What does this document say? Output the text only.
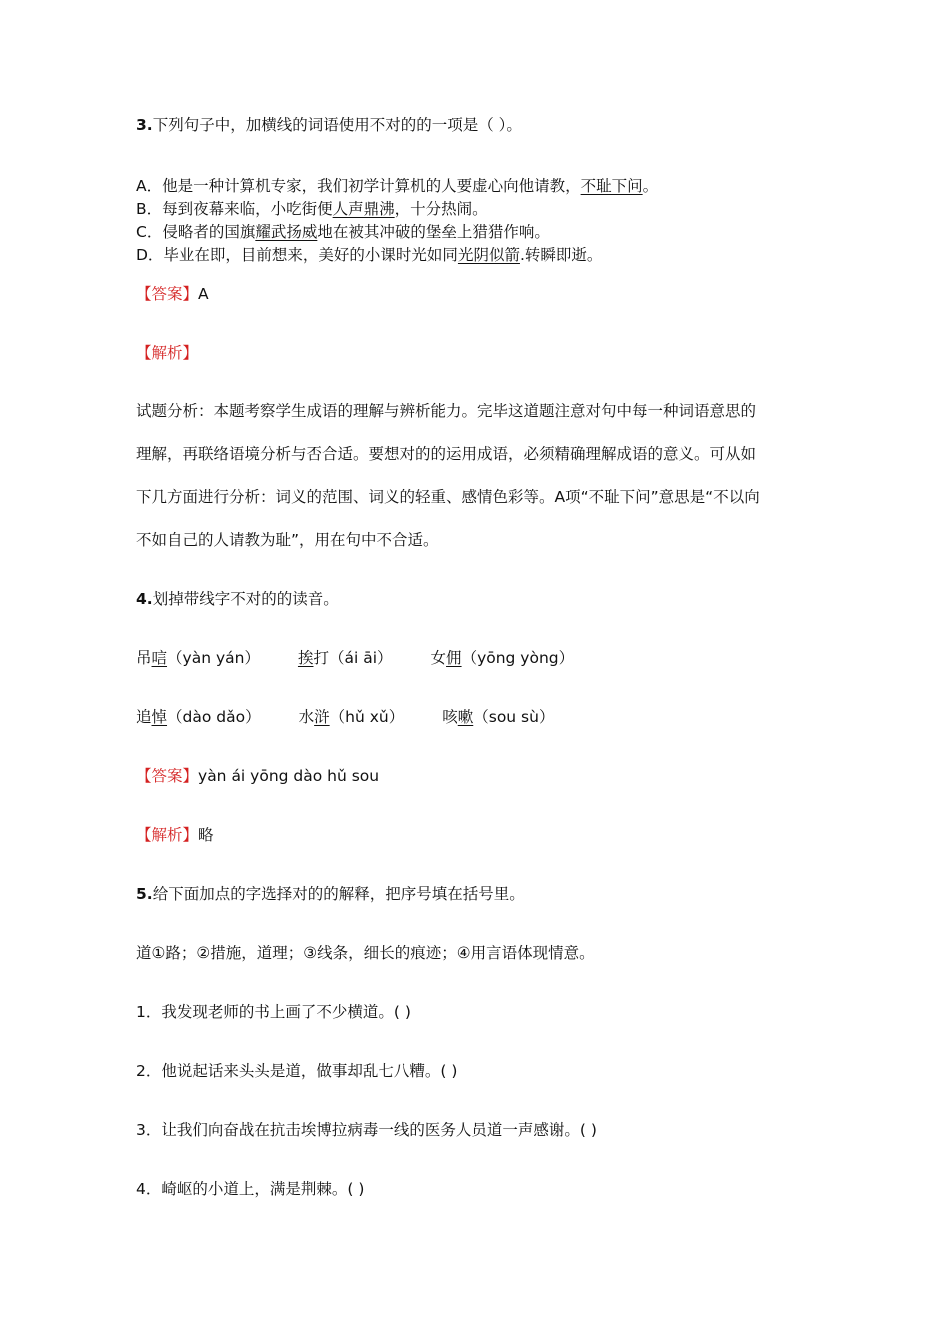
3.下列句子中，加横线的词语使用不对的的一项是（ ）。
A．他是一种计算机专家，我们初学计算机的人要虚心向他请教，不耻下问。
B．每到夜幕来临，小吃街便人声鼎沸，十分热闹。
C．侵略者的国旗耀武扬威地在被其冲破的堡垒上猎猎作响。
D．毕业在即，目前想来，美好的小课时光如同光阴似箭.转瞬即逝。
【答案】A
【解析】
试题分析：本题考察学生成语的理解与辨析能力。完毕这道题注意对句中每一种词语意思的
理解，再联络语境分析与否合适。要想对的的运用成语，必须精确理解成语的意义。可从如
下几方面进行分析：词义的范围、词义的轻重、感情色彩等。A项“不耻下问”意思是“不以向
不如自己的人请教为耻”，用在句中不合适。
4.划掉带线字不对的的读音。
吊唁（yàn yán） 挨打（ái āi） 女佣（yōng yòng）
追悼（dào dǎo） 水浒（hǔ xǔ） 咳嗽（sou sù）
【答案】yàn ái yōng dào hǔ sou
【解析】略
5.给下面加点的字选择对的的解释，把序号填在括号里。
道①路；②措施，道理；③线条，细长的痕迹；④用言语体现情意。
1．我发现老师的书上画了不少横道。( )
2．他说起话来头头是道，做事却乱七八糟。( )
3．让我们向奋战在抗击埃博拉病毒一线的医务人员道一声感谢。( )
4．崎岖的小道上，满是荆棘。( )
